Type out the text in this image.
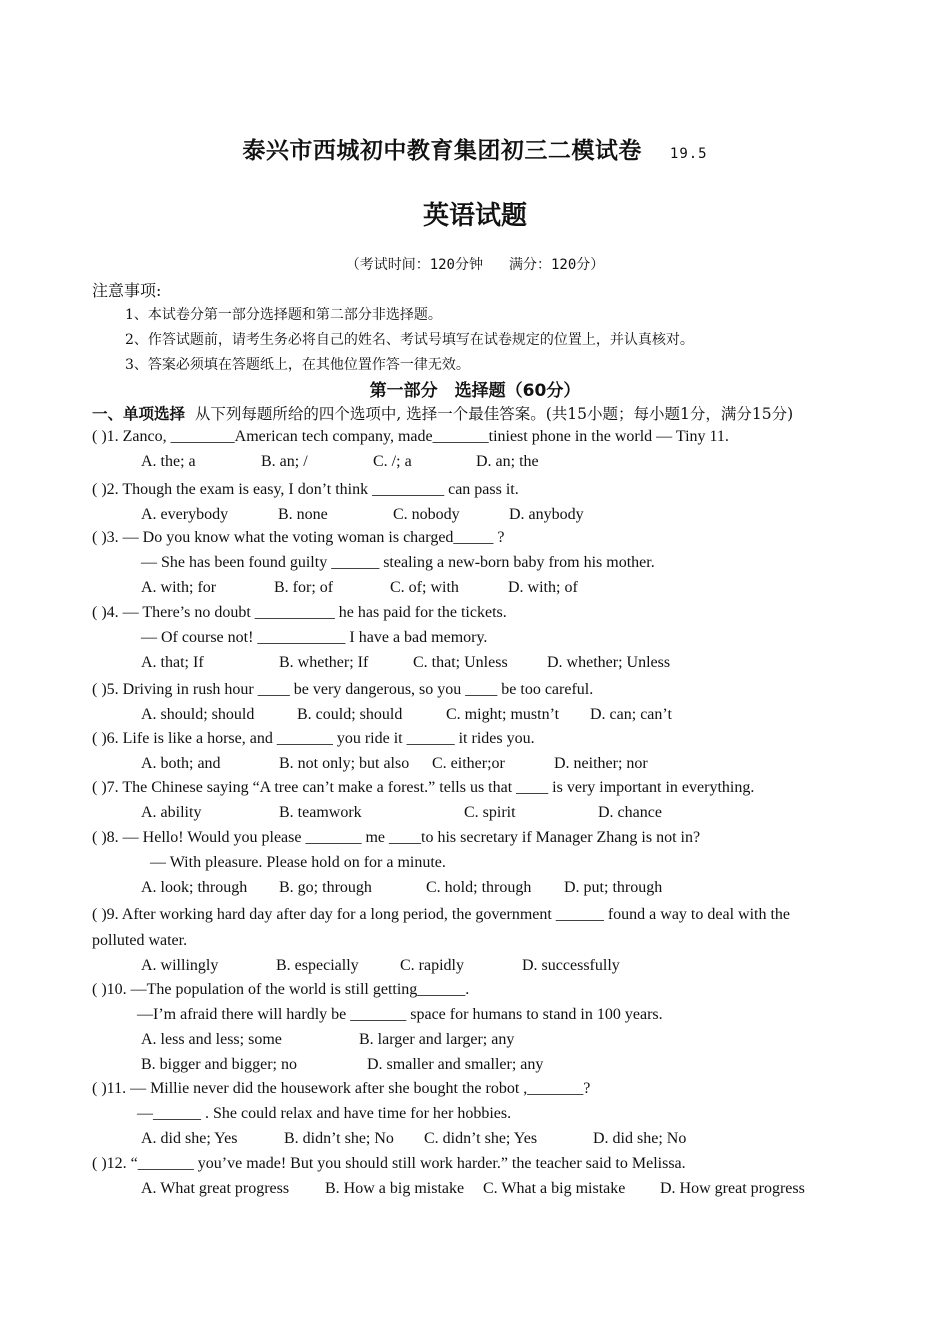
泰兴市西城初中教育集团初三二模试卷 19.5
英语试题
（考试时间：120分钟 满分：120分）
注意事项:
1、本试卷分第一部分选择题和第二部分非选择题。
2、作答试题前，请考生务必将自己的姓名、考试号填写在试卷规定的位置上，并认真核对。
3、答案必须填在答题纸上，在其他位置作答一律无效。
第一部分　选择题（60分）
一、单项选择 从下列每题所给的四个选项中, 选择一个最佳答案。(共15小题；每小题1分，满分15分)
( )1. Zanco, ________American tech company, made_______tiniest phone in the world — Tiny 11.
A. the; a	B. an; /	C. /; a	D. an; the
( )2. Though the exam is easy, I don’t think _________ can pass it.
A. everybody	B. none	C. nobody	D. anybody
( )3. — Do you know what the voting woman is charged_____ ?
— She has been found guilty ______ stealing a new-born baby from his mother.
A. with; for	B. for; of	C. of; with	D. with; of
( )4. — There’s no doubt __________ he has paid for the tickets.
— Of course not! ___________ I have a bad memory.
A. that; If	B. whether; If	C. that; Unless D. whether; Unless
( )5. Driving in rush hour ____ be very dangerous, so you ____ be too careful.
A. should; should	B. could; should	C. might; mustn’t D. can; can’t
( )6. Life is like a horse, and _______ you ride it ______ it rides you.
A. both; and	B. not only; but also C. either;or	D. neither; nor
( )7. The Chinese saying “A tree can’t make a forest.” tells us that ____ is very important in everything.
A. ability	B. teamwork	C. spirit	D. chance
( )8. — Hello! Would you please _______ me ____to his secretary if Manager Zhang is not in?
— With pleasure. Please hold on for a minute.
A. look; through B. go; through	C. hold; through D. put; through
( )9. After working hard day after day for a long period, the government ______ found a way to deal with the
polluted water.
A. willingly	B. especially	C. rapidly	D. successfully
( )10. —The population of the world is still getting______.
—I’m afraid there will hardly be _______ space for humans to stand in 100 years.
A. less and less; some	B. larger and larger; any
B. bigger and bigger; no	D. smaller and smaller; any
( )11. — Millie never did the housework after she bought the robot ,_______?
—______ . She could relax and have time for her hobbies.
A. did she; Yes	B. didn’t she; No C. didn’t she; Yes	D. did she; No
( )12. “_______ you’ve made! But you should still work harder.” the teacher said to Melissa.
A. What great progress B. How a big mistake C. What a big mistake D. How great progress
